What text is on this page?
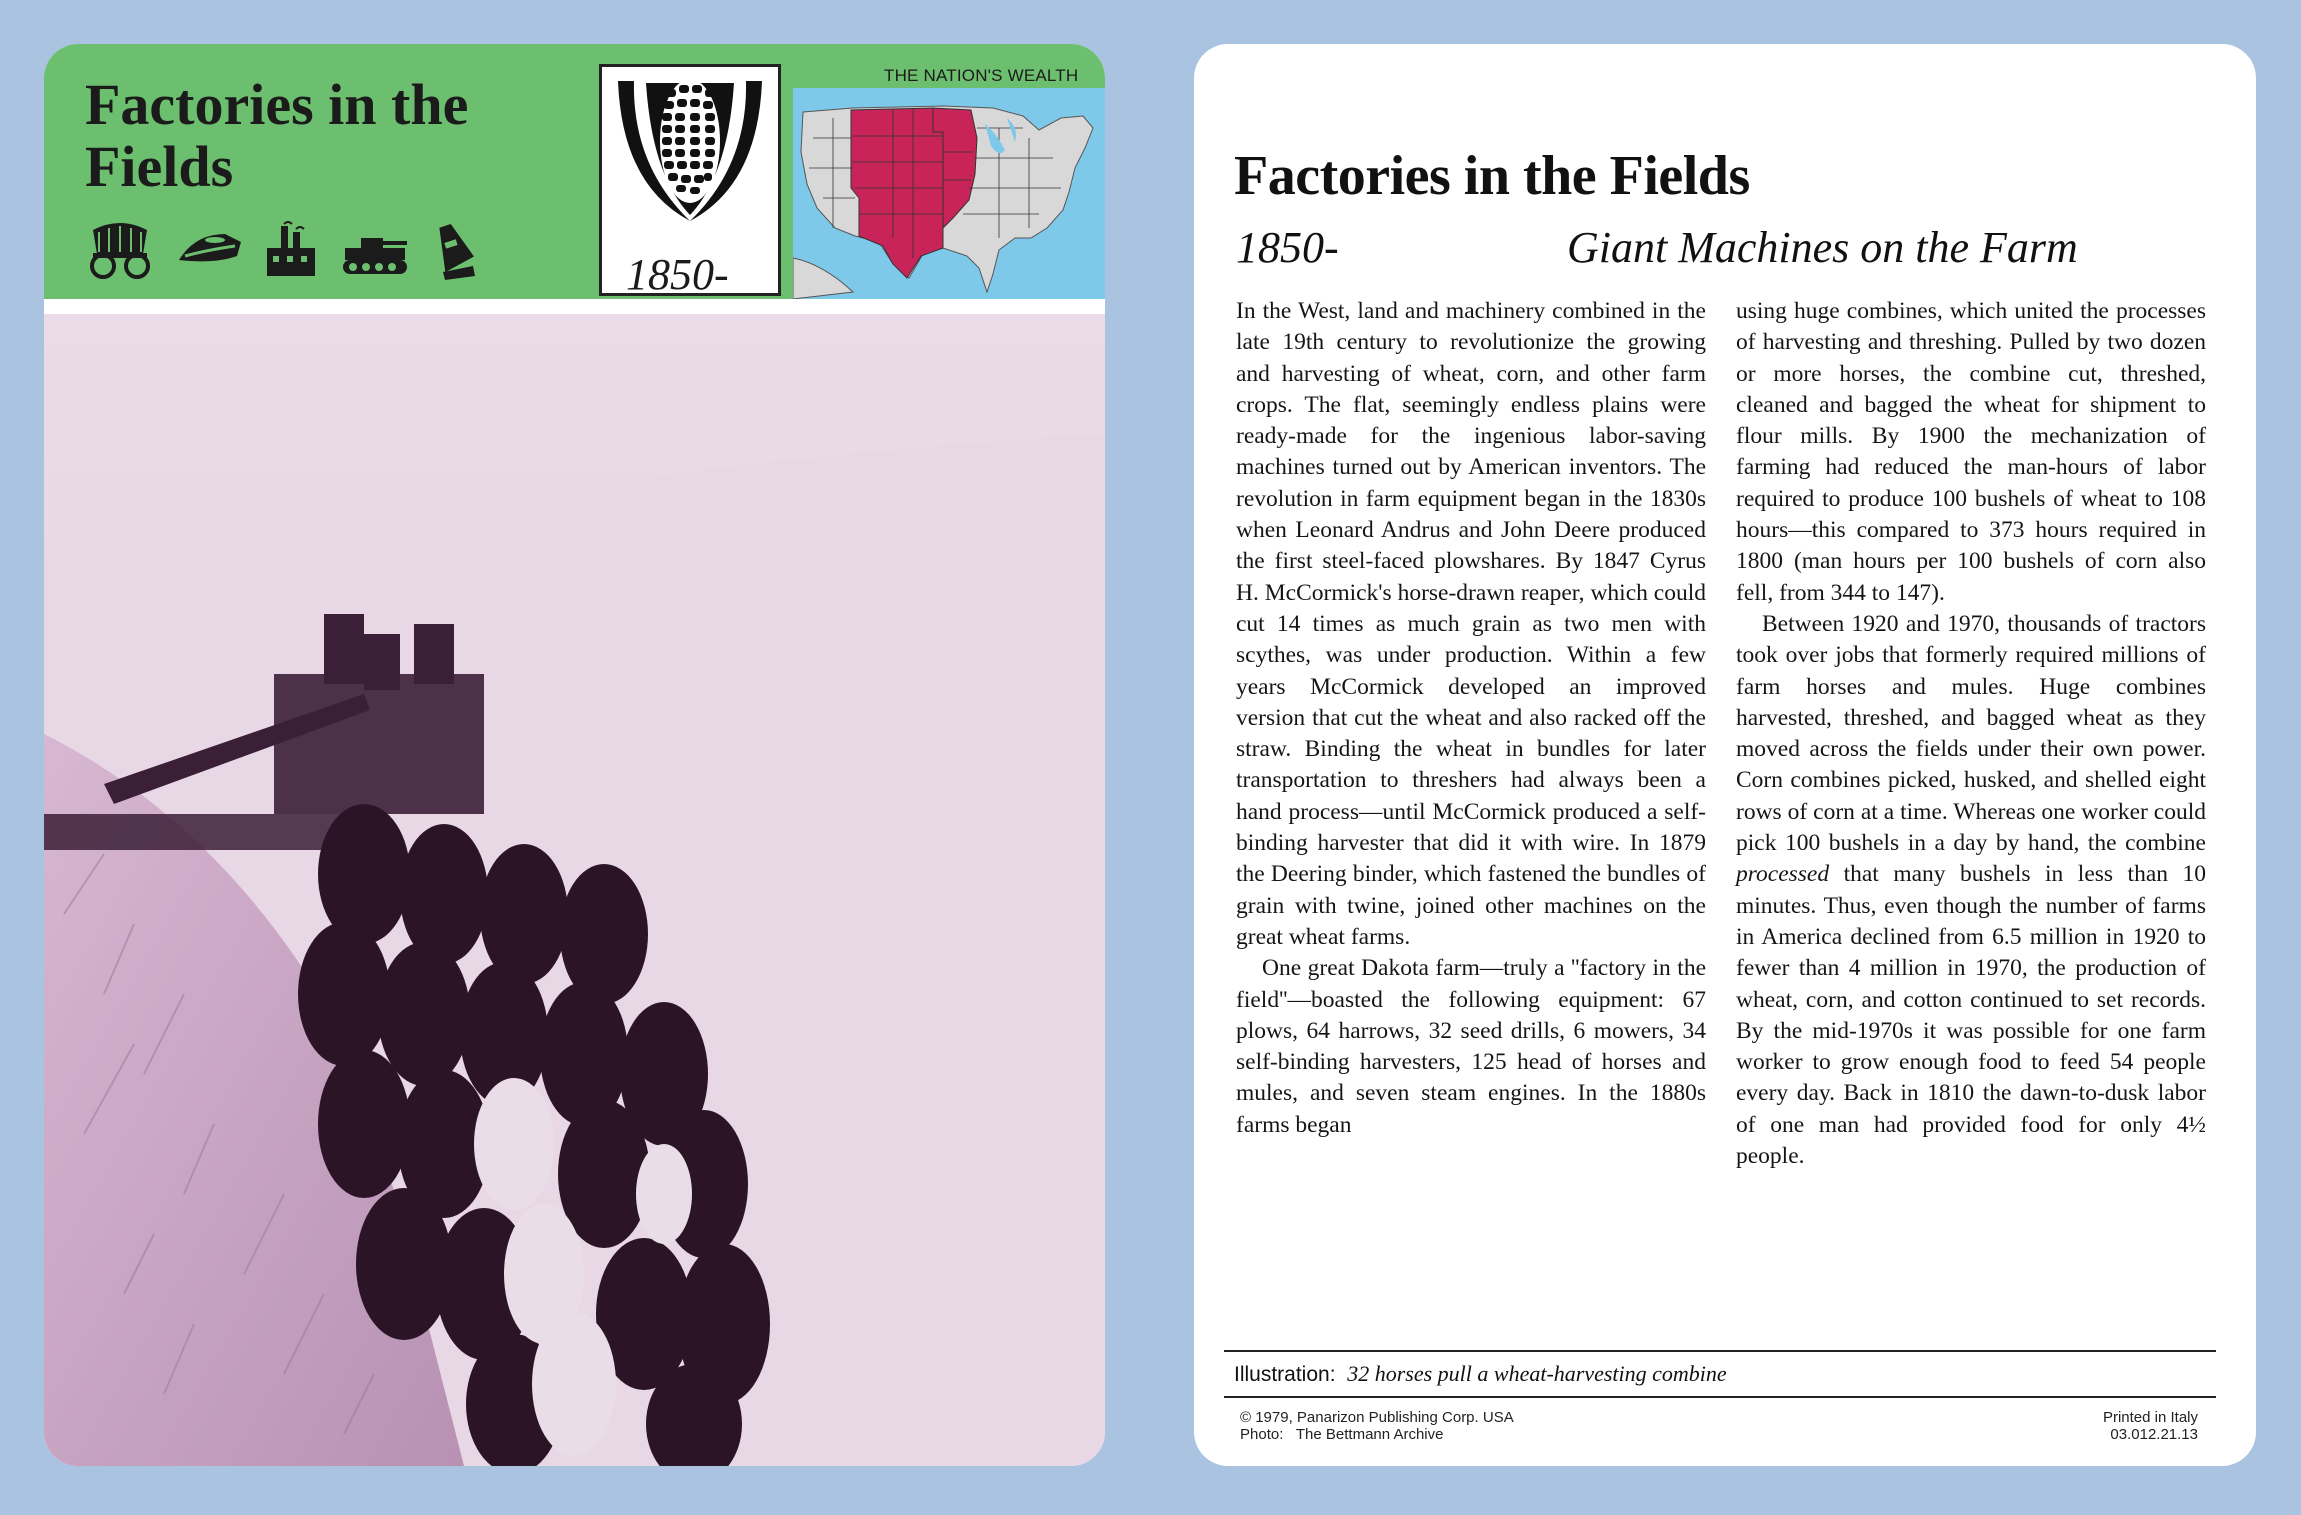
Factories in the Fields
1850-
THE NATION'S WEALTH
Factories in the Fields
1850-	Giant Machines on the Farm

In the West, land and machinery combined in the late 19th century to revolutionize the growing and harvesting of wheat, corn, and other farm crops. The flat, seemingly endless plains were ready-made for the ingenious labor-saving machines turned out by American inventors. The revolution in farm equipment began in the 1830s when Leonard Andrus and John Deere produced the first steel-faced plowshares. By 1847 Cyrus H. McCormick's horse-drawn reaper, which could cut 14 times as much grain as two men with scythes, was under production. Within a few years McCormick developed an improved version that cut the wheat and also racked off the straw. Binding the wheat in bundles for later transportation to threshers had always been a hand process—until McCormick produced a self-binding harvester that did it with wire. In 1879 the Deering binder, which fastened the bundles of grain with twine, joined other machines on the great wheat farms.

One great Dakota farm—truly a ''factory in the field''—boasted the following equipment: 67 plows, 64 harrows, 32 seed drills, 6 mowers, 34 self-binding harvesters, 125 head of horses and mules, and seven steam engines. In the 1880s farms began

using huge combines, which united the processes of harvesting and threshing. Pulled by two dozen or more horses, the combine cut, threshed, cleaned and bagged the wheat for shipment to flour mills. By 1900 the mechanization of farming had reduced the man-hours of labor required to produce 100 bushels of wheat to 108 hours—this compared to 373 hours required in 1800 (man hours per 100 bushels of corn also fell, from 344 to 147).

Between 1920 and 1970, thousands of tractors took over jobs that formerly required millions of farm horses and mules. Huge combines harvested, threshed, and bagged wheat as they moved across the fields under their own power. Corn combines picked, husked, and shelled eight rows of corn at a time. Whereas one worker could pick 100 bushels in a day by hand, the combine processed that many bushels in less than 10 minutes. Thus, even though the number of farms in America declined from 6.5 million in 1920 to fewer than 4 million in 1970, the production of wheat, corn, and cotton continued to set records. By the mid-1970s it was possible for one farm worker to grow enough food to feed 54 people every day. Back in 1810 the dawn-to-dusk labor of one man had provided food for only 4½ people.

Illustration: 32 horses pull a wheat-harvesting combine
© 1979, Panarizon Publishing Corp. USA
Photo: The Bettmann Archive
Printed in Italy
03.012.21.13
